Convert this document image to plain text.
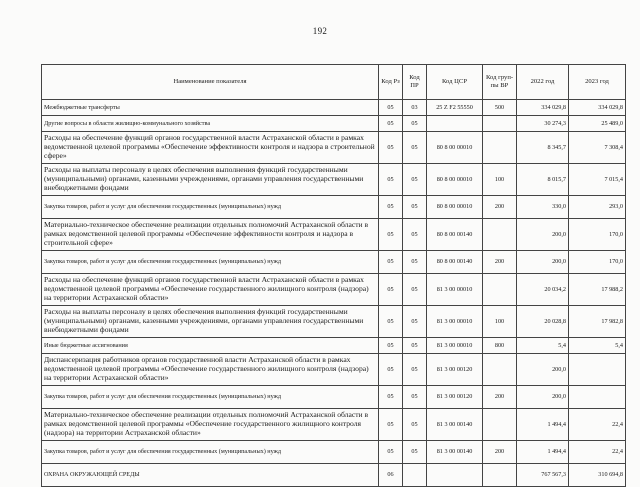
192
Наименование показателя	Код Рз	Код ПР	Код ЦСР	Код груп-пы ВР	2022 год	2023 год
Межбюджетные трансферты	05	03	25 Z F2 55550	500	334 029,8	334 029,8
Другие вопросы в области жилищно-коммунального хозяйства	05	05			30 274,3	25 489,0
Расходы на обеспечение функций органов государственной власти Астраханской области в рамках ведомственной целевой программы «Обеспечение эффективности контроля и надзора в строительной сфере»	05	05	80 8 00 00010		8 345,7	7 308,4
Расходы на выплаты персоналу в целях обеспечения выполнения функций государственными (муниципальными) органами, казенными учреждениями, органами управления государственными внебюджетными фондами	05	05	80 8 00 00010	100	8 015,7	7 015,4
Закупка товаров, работ и услуг для обеспечения государственных (муниципальных) нужд	05	05	80 8 00 00010	200	330,0	293,0
Материально-техническое обеспечение реализации отдельных полномочий Астраханской области в рамках ведомственной целевой программы «Обеспечение эффективности контроля и надзора в строительной сфере»	05	05	80 8 00 00140		200,0	170,0
Закупка товаров, работ и услуг для обеспечения государственных (муниципальных) нужд	05	05	80 8 00 00140	200	200,0	170,0
Расходы на обеспечение функций органов государственной власти Астраханской области в рамках ведомственной целевой программы «Обеспечение государственного жилищного контроля (надзора) на территории Астраханской области»	05	05	81 3 00 00010		20 034,2	17 988,2
Расходы на выплаты персоналу в целях обеспечения выполнения функций государственными (муниципальными) органами, казенными учреждениями, органами управления государственными внебюджетными фондами	05	05	81 3 00 00010	100	20 028,8	17 982,8
Иные бюджетные ассигнования	05	05	81 3 00 00010	800	5,4	5,4
Диспансеризация работников органов государственной власти Астраханской области в рамках ведомственной целевой программы «Обеспечение государственного жилищного контроля (надзора) на территории Астраханской области»	05	05	81 3 00 00120		200,0	
Закупка товаров, работ и услуг для обеспечения государственных (муниципальных) нужд	05	05	81 3 00 00120	200	200,0	
Материально-техническое обеспечение реализации отдельных полномочий Астраханской области в рамках ведомственной целевой программы «Обеспечение государственного жилищного контроля (надзора) на территории Астраханской области»	05	05	81 3 00 00140		1 494,4	22,4
Закупка товаров, работ и услуг для обеспечения государственных (муниципальных) нужд	05	05	81 3 00 00140	200	1 494,4	22,4
ОХРАНА ОКРУЖАЮЩЕЙ СРЕДЫ	06				767 567,3	310 694,8
